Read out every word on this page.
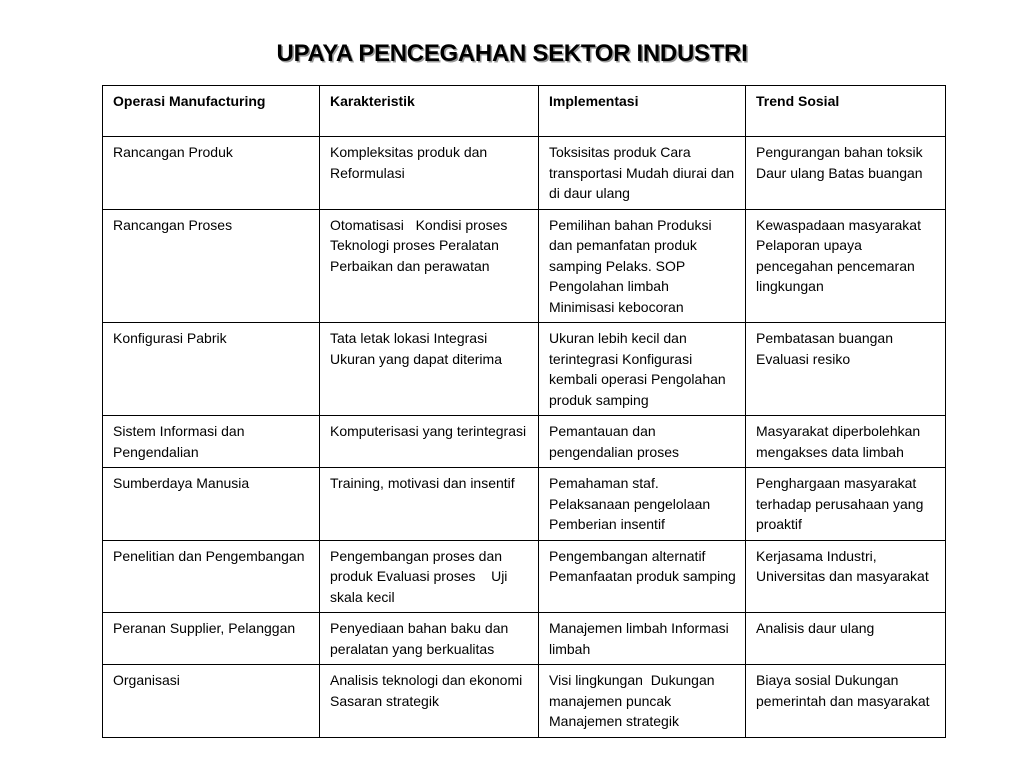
UPAYA PENCEGAHAN SEKTOR INDUSTRI
Operasi Manufacturing	Karakteristik	Implementasi	Trend Sosial
Rancangan Produk	Kompleksitas produk dan Reformulasi	Toksisitas produk Cara transportasi Mudah diurai dan di daur ulang	Pengurangan bahan toksik Daur ulang Batas buangan
Rancangan Proses	Otomatisasi   Kondisi proses Teknologi proses Peralatan Perbaikan dan perawatan	Pemilihan bahan Produksi dan pemanfatan produk samping Pelaks. SOP Pengolahan limbah Minimisasi kebocoran	Kewaspadaan masyarakat Pelaporan upaya pencegahan pencemaran lingkungan
Konfigurasi Pabrik	Tata letak lokasi Integrasi Ukuran yang dapat diterima	Ukuran lebih kecil dan terintegrasi Konfigurasi kembali operasi Pengolahan produk samping	Pembatasan buangan Evaluasi resiko
Sistem Informasi dan Pengendalian	Komputerisasi yang terintegrasi	Pemantauan dan pengendalian proses	Masyarakat diperbolehkan mengakses data limbah
Sumberdaya Manusia	Training, motivasi dan insentif	Pemahaman staf. Pelaksanaan pengelolaan Pemberian insentif	Penghargaan masyarakat terhadap perusahaan yang proaktif
Penelitian dan Pengembangan	Pengembangan proses dan produk Evaluasi proses    Uji skala kecil	Pengembangan alternatif Pemanfaatan produk samping	Kerjasama Industri, Universitas dan masyarakat
Peranan Supplier, Pelanggan	Penyediaan bahan baku dan peralatan yang berkualitas	Manajemen limbah Informasi limbah	Analisis daur ulang
Organisasi	Analisis teknologi dan ekonomi Sasaran strategik	Visi lingkungan  Dukungan manajemen puncak Manajemen strategik	Biaya sosial Dukungan pemerintah dan masyarakat
